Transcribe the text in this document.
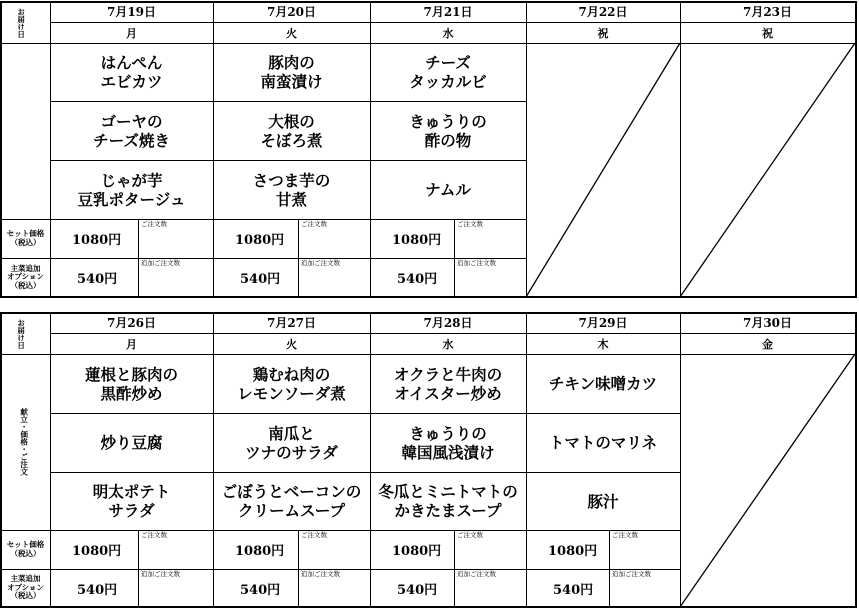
お届け日
セット価格
（税込）
主菜追加
オプション
（税込）
7月19日
月
はんぺん
エビカツ
ゴーヤの
チーズ焼き
じゃが芋
豆乳ポタージュ
1080円
540円
ご注文数
追加ご注文数
7月20日
火
豚肉の
南蛮漬け
大根の
そぼろ煮
さつま芋の
甘煮
1080円
540円
ご注文数
追加ご注文数
7月21日
水
チーズ
タッカルビ
きゅうりの
酢の物
ナムル
1080円
540円
ご注文数
追加ご注文数
7月22日
祝
7月23日
祝
お届け日
献立・価格・ご注文
セット価格
（税込）
主菜追加
オプション
（税込）
7月26日
月
蓮根と豚肉の
黒酢炒め
炒り豆腐
明太ポテト
サラダ
1080円
540円
ご注文数
追加ご注文数
7月27日
火
鶏むね肉の
レモンソーダ煮
南瓜と
ツナのサラダ
ごぼうとベーコンの
クリームスープ
1080円
540円
ご注文数
追加ご注文数
7月28日
水
オクラと牛肉の
オイスター炒め
きゅうりの
韓国風浅漬け
冬瓜とミニトマトの
かきたまスープ
1080円
540円
ご注文数
追加ご注文数
7月29日
木
チキン味噌カツ
トマトのマリネ
豚汁
1080円
540円
ご注文数
追加ご注文数
7月30日
金
